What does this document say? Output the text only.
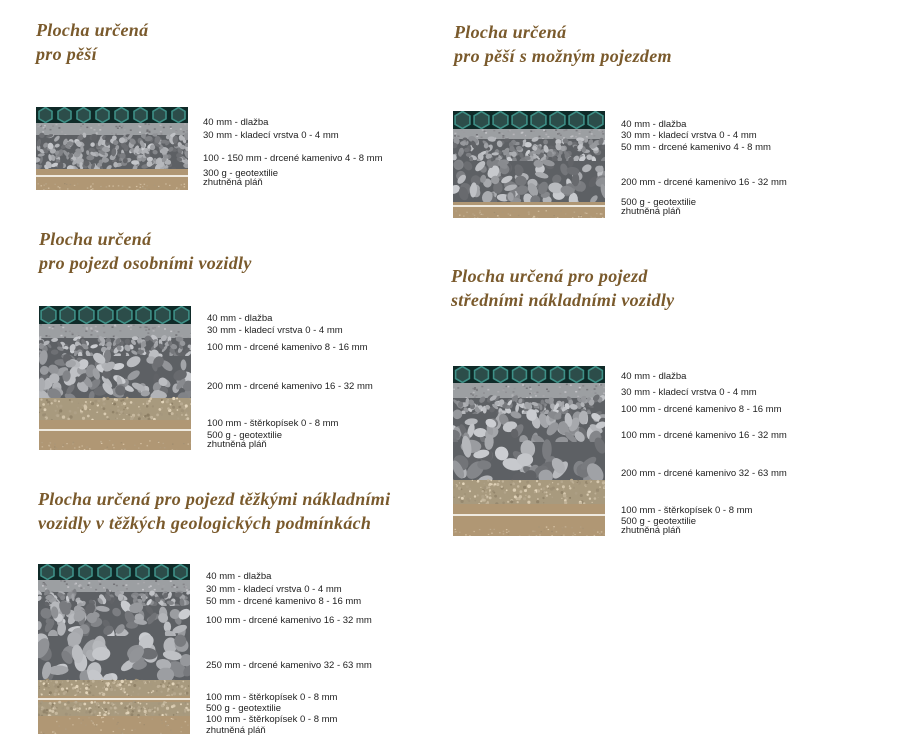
Plocha určená
pro pěší
40 mm - dlažba
30 mm - kladecí vrstva 0 - 4 mm
100 - 150 mm - drcené kamenivo 4 - 8 mm
300 g - geotextilie
zhutněná pláň
Plocha určená
pro pěší s možným pojezdem
40 mm - dlažba
30 mm - kladecí vrstva 0 - 4 mm
50 mm - drcené kamenivo 4 - 8 mm
200 mm - drcené kamenivo 16 - 32 mm
500 g - geotextilie
zhutněná pláň
Plocha určená
pro pojezd osobními vozidly
40 mm - dlažba
30 mm - kladecí vrstva 0 - 4 mm
100 mm - drcené kamenivo 8 - 16 mm
200 mm - drcené kamenivo 16 - 32 mm
100 mm - štěrkopísek 0 - 8 mm
500 g - geotextilie
zhutněná pláň
Plocha určená pro pojezd
středními nákladními vozidly
40 mm - dlažba
30 mm - kladecí vrstva 0 - 4 mm
100 mm - drcené kamenivo 8 - 16 mm
100 mm - drcené kamenivo 16 - 32 mm
200 mm - drcené kamenivo 32 - 63 mm
100 mm - štěrkopísek 0 - 8 mm
500 g - geotextilie
zhutněná pláň
Plocha určená pro pojezd těžkými nákladními
vozidly v těžkých geologických podmínkách
40 mm - dlažba
30 mm - kladecí vrstva 0 - 4 mm
50 mm - drcené kamenivo 8 - 16 mm
100 mm - drcené kamenivo 16 - 32 mm
250 mm - drcené kamenivo 32 - 63 mm
100 mm - štěrkopísek 0 - 8 mm
500 g - geotextilie
100 mm - štěrkopísek 0 - 8 mm
zhutněná pláň
